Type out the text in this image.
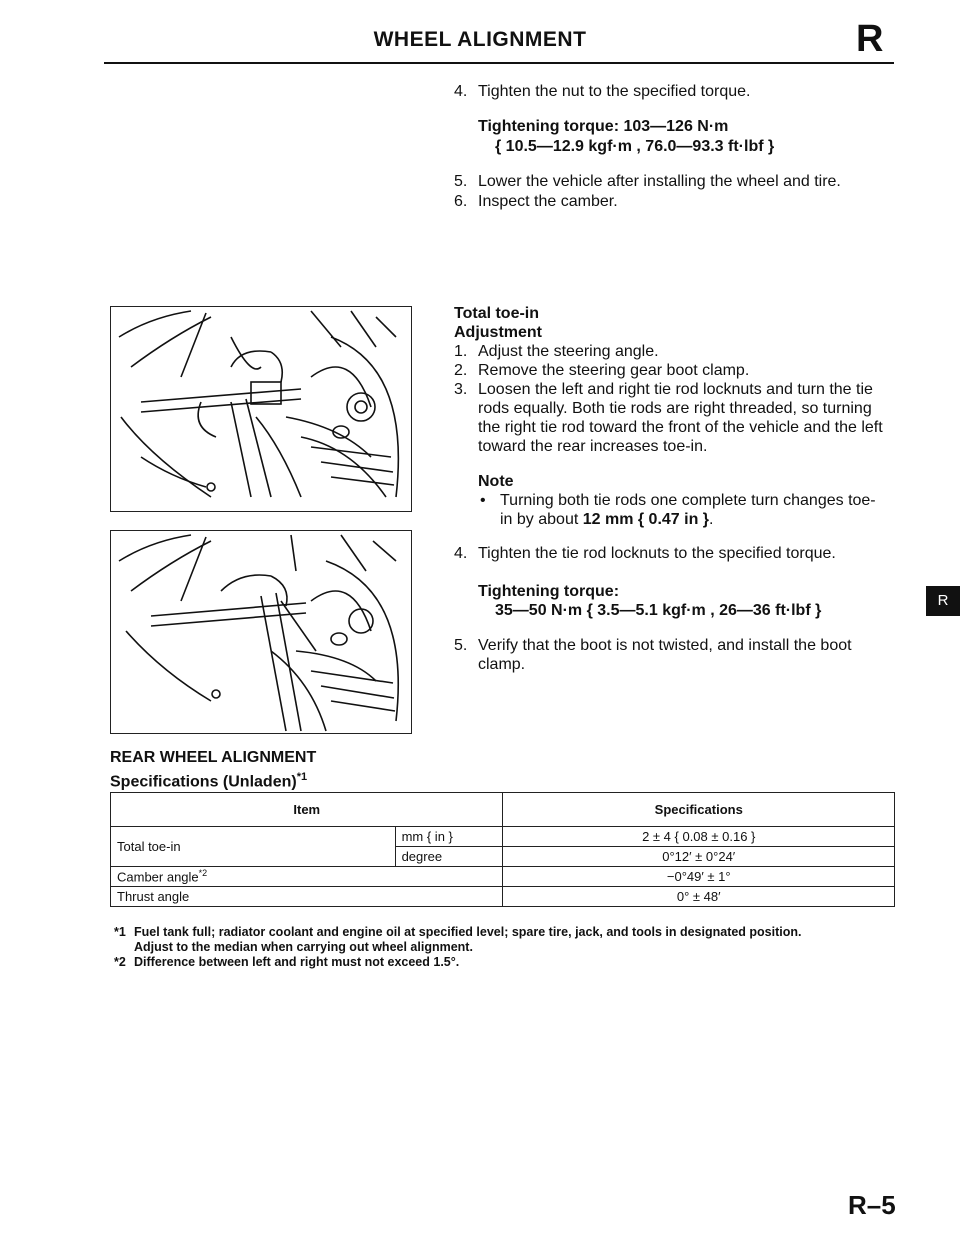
WHEEL ALIGNMENT	R
4. Tighten the nut to the specified torque.
Tightening torque: 103—126 N·m
{ 10.5—12.9 kgf·m , 76.0—93.3 ft·lbf }
5. Lower the vehicle after installing the wheel and tire.
6. Inspect the camber.
Total toe-in
Adjustment
1. Adjust the steering angle.
2. Remove the steering gear boot clamp.
3. Loosen the left and right tie rod locknuts and turn the tie
rods equally. Both tie rods are right threaded, so turning
the right tie rod toward the front of the vehicle and the left
toward the rear increases toe-in.
Note
• Turning both tie rods one complete turn changes toe-
in by about 12 mm { 0.47 in }.
4. Tighten the tie rod locknuts to the specified torque.
Tightening torque:
35—50 N·m { 3.5—5.1 kgf·m , 26—36 ft·lbf }
5. Verify that the boot is not twisted, and install the boot
clamp.
R
REAR WHEEL ALIGNMENT
Specifications (Unladen)$^{*1}$
Item		Specifications
Total toe-in	mm { in }	2 ± 4 { 0.08 ± 0.16 }
	degree	0°12′ ± 0°24′
Camber angle$^{*2}$		−0°49′ ± 1°
Thrust angle		0° ± 48′
*1 Fuel tank full; radiator coolant and engine oil at specified level; spare tire, jack, and tools in designated position.
Adjust to the median when carrying out wheel alignment.
*2 Difference between left and right must not exceed 1.5°.
R–5
